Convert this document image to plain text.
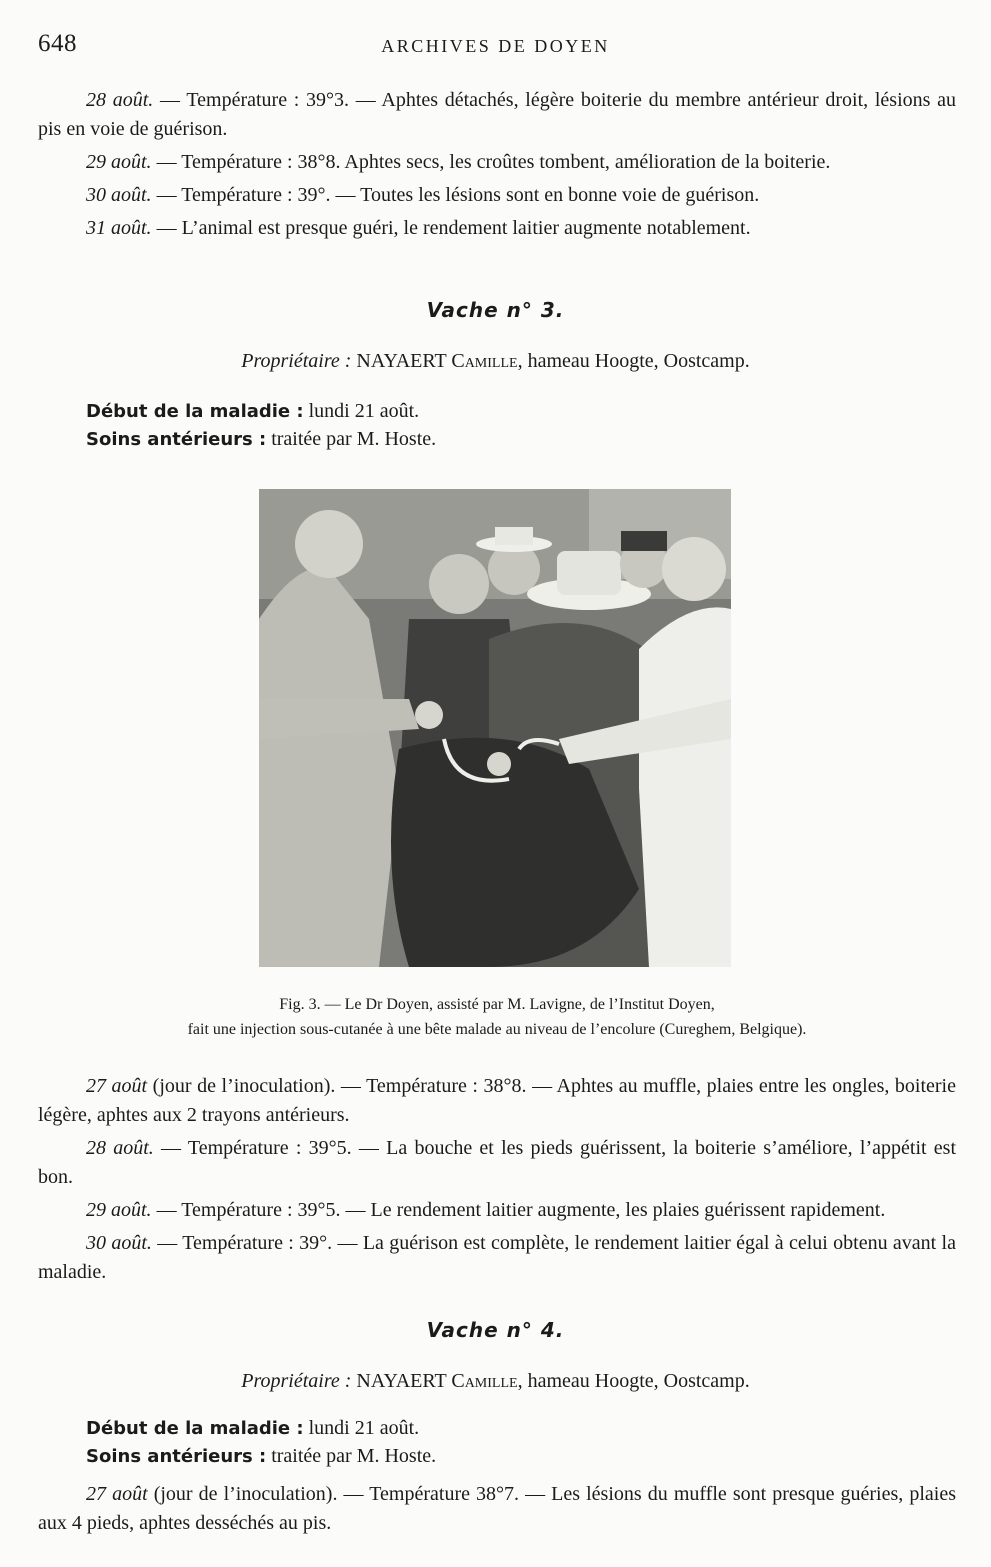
648	ARCHIVES DE DOYEN

28 août. — Température : 39°3. — Aphtes détachés, légère boiterie du membre antérieur droit, lésions au pis en voie de guérison.

29 août. — Température : 38°8. Aphtes secs, les croûtes tombent, amélioration de la boiterie.

30 août. — Température : 39°. — Toutes les lésions sont en bonne voie de guérison.

31 août. — L’animal est presque guéri, le rendement laitier augmente notablement.

Vache n° 3.
Propriétaire : NAYAERT Camille, hameau Hoogte, Oostcamp.
Début de la maladie : lundi 21 août.
Soins antérieurs : traitée par M. Hoste.
Fig. 3. — Le Dr Doyen, assisté par M. Lavigne, de l’Institut Doyen,
fait une injection sous-cutanée à une bête malade au niveau de l’encolure (Cureghem, Belgique).

27 août (jour de l’inoculation). — Température : 38°8. — Aphtes au muffle, plaies entre les ongles, boiterie légère, aphtes aux 2 trayons antérieurs.

28 août. — Température : 39°5. — La bouche et les pieds guérissent, la boiterie s’améliore, l’appétit est bon.

29 août. — Température : 39°5. — Le rendement laitier augmente, les plaies guérissent rapidement.

30 août. — Température : 39°. — La guérison est complète, le rendement laitier égal à celui obtenu avant la maladie.

Vache n° 4.
Propriétaire : NAYAERT Camille, hameau Hoogte, Oostcamp.
Début de la maladie : lundi 21 août.
Soins antérieurs : traitée par M. Hoste.

27 août (jour de l’inoculation). — Température 38°7. — Les lésions du muffle sont presque guéries, plaies aux 4 pieds, aphtes desséchés au pis.
